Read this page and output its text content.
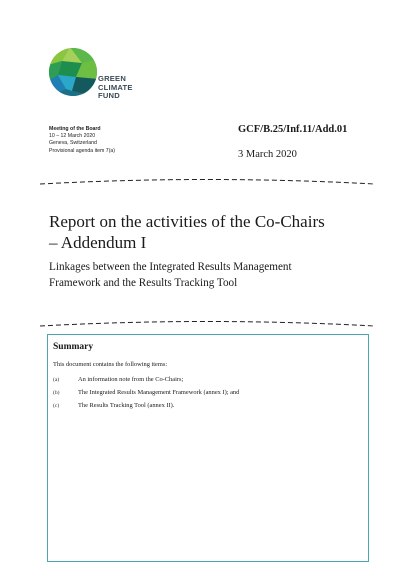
GREEN
CLIMATE
FUND
Meeting of the Board
10 – 12 March 2020
Geneva, Switzerland
Provisional agenda item 7(a)
GCF/B.25/Inf.11/Add.01
3 March 2020
Report on the activities of the Co-Chairs
– Addendum I
Linkages between the Integrated Results Management
Framework and the Results Tracking Tool
Summary
This document contains the following items:
(a)	An information note from the Co-Chairs;
(b)	The Integrated Results Management Framework (annex I); and
(c)	The Results Tracking Tool (annex II).
